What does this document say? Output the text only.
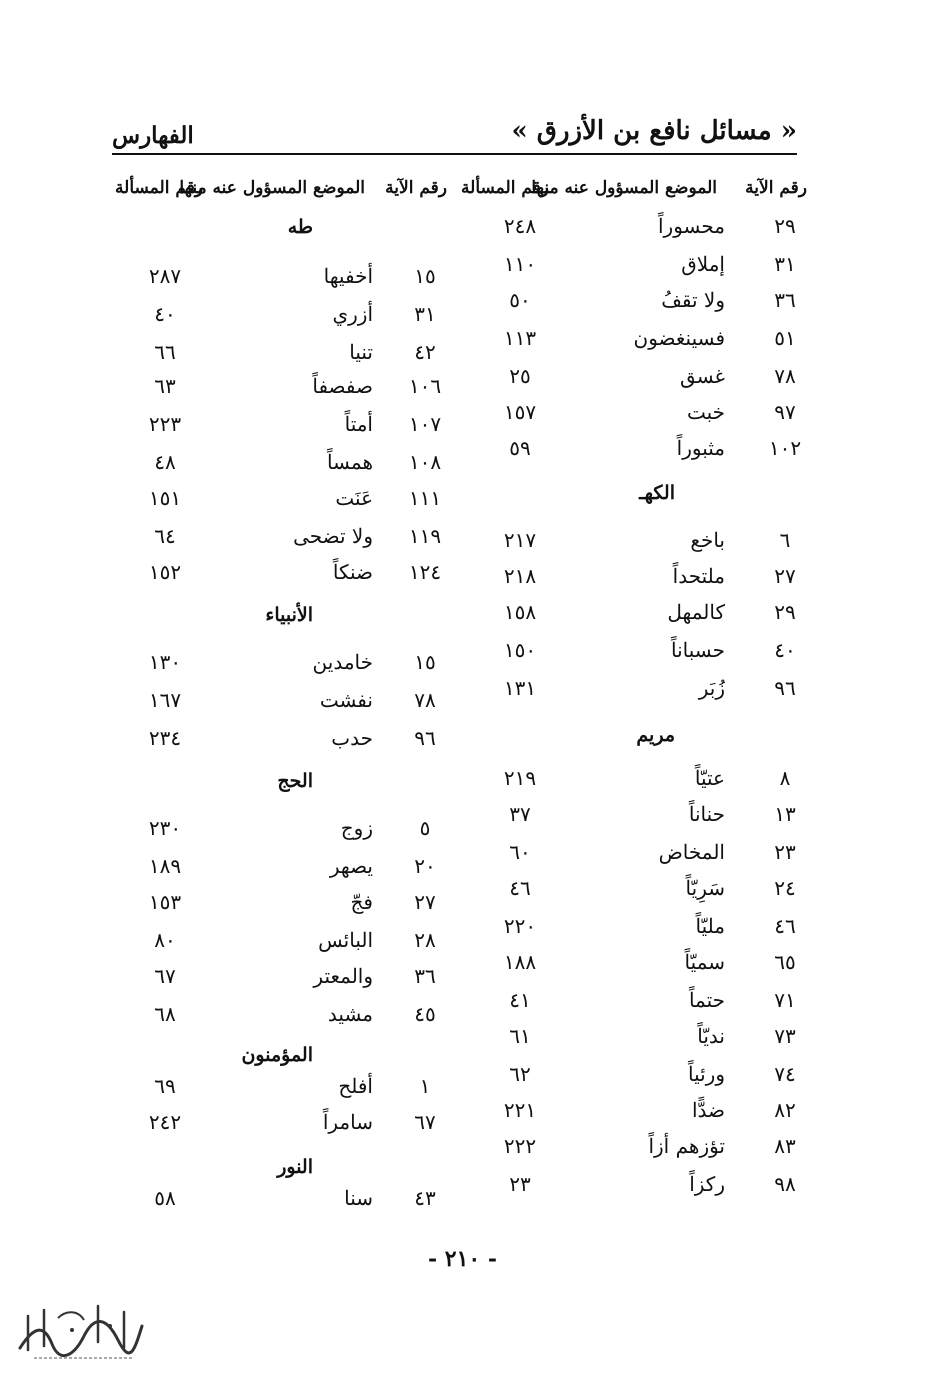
« مسائل نافع بن الأزرق »
الفهارس
رقم الآية
الموضع المسؤول عنه منها
رقم المسألة
رقم الآية
الموضع المسؤول عنه منها
رقم المسألة
٢٩
محسوراً
٢٤٨
٣١
إملاق
١١٠
٣٦
ولا تقفُ
٥٠
٥١
فسينغضون
١١٣
٧٨
غسق
٢٥
٩٧
خبت
١٥٧
١٠٢
مثبوراً
٥٩
الكهـ
٦
باخع
٢١٧
٢٧
ملتحداً
٢١٨
٢٩
كالمهل
١٥٨
٤٠
حسباناً
١٥٠
٩٦
زُبَر
١٣١
مريم
٨
عتيّاً
٢١٩
١٣
حناناً
٣٧
٢٣
المخاض
٦٠
٢٤
سَرِيّاً
٤٦
٤٦
مليّاً
٢٢٠
٦٥
سميّاً
١٨٨
٧١
حتماً
٤١
٧٣
نديّاً
٦١
٧٤
ورئياً
٦٢
٨٢
ضدًّا
٢٢١
٨٣
تؤزهم أزاً
٢٢٢
٩٨
ركزاً
٢٣
طه
١٥
أخفيها
٢٨٧
٣١
أزري
٤٠
٤٢
تنيا
٦٦
١٠٦
صفصفاً
٦٣
١٠٧
أمتاً
٢٢٣
١٠٨
همساً
٤٨
١١١
عَنَت
١٥١
١١٩
ولا تضحى
٦٤
١٢٤
ضنكاً
١٥٢
الأنبياء
١٥
خامدين
١٣٠
٧٨
نفشت
١٦٧
٩٦
حدب
٢٣٤
الحج
٥
زوج
٢٣٠
٢٠
يصهر
١٨٩
٢٧
فجّ
١٥٣
٢٨
البائس
٨٠
٣٦
والمعتر
٦٧
٤٥
مشيد
٦٨
المؤمنون
١
أفلح
٦٩
٦٧
سامراً
٢٤٢
النور
٤٣
سنا
٥٨
- ٢١٠ -
